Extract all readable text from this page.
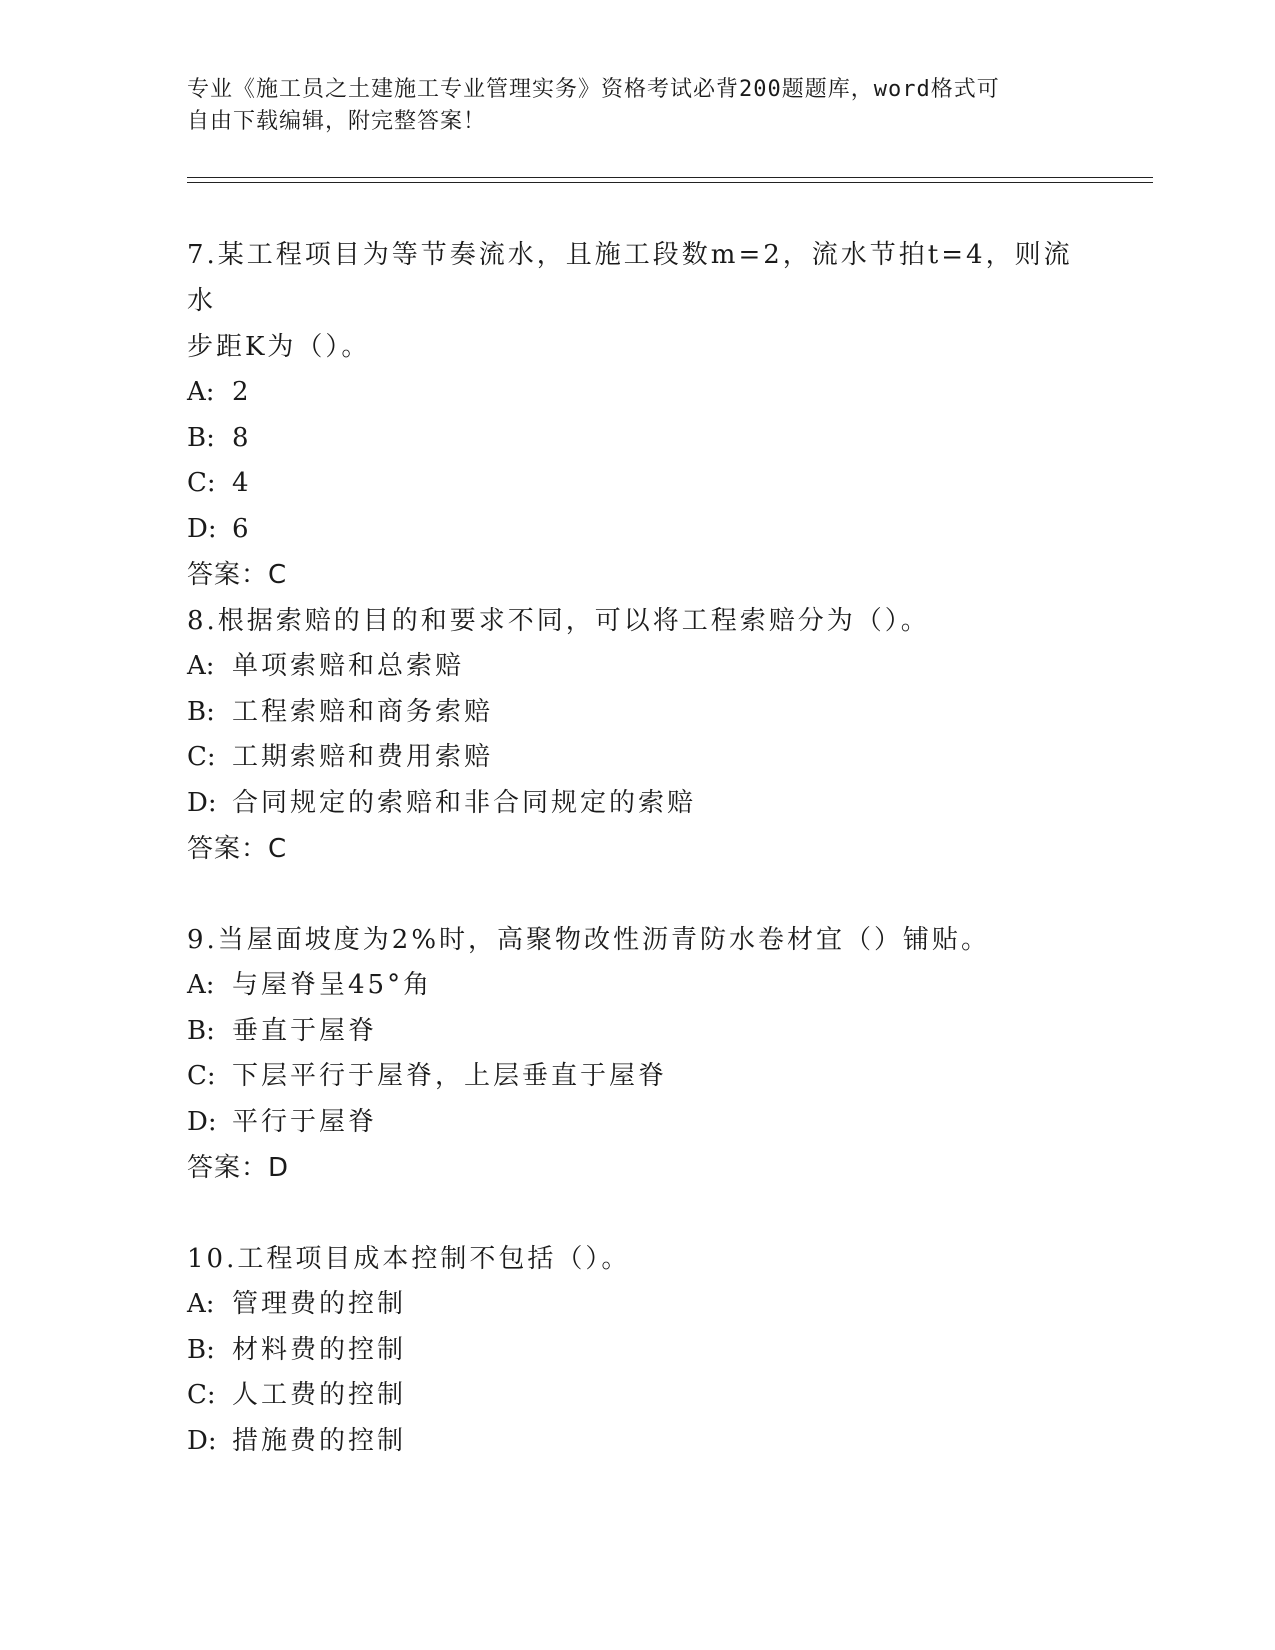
专业《施工员之土建施工专业管理实务》资格考试必背200题题库，word格式可
自由下载编辑，附完整答案！

7.某工程项目为等节奏流水，且施工段数m=2，流水节拍t=4，则流水
步距K为（）。

A: 2

B: 8

C: 4

D: 6

答案：C

8.根据索赔的目的和要求不同，可以将工程索赔分为（）。

A: 单项索赔和总索赔

B: 工程索赔和商务索赔

C: 工期索赔和费用索赔

D: 合同规定的索赔和非合同规定的索赔

答案：C

9.当屋面坡度为2%时，高聚物改性沥青防水卷材宜（）铺贴。

A: 与屋脊呈45°角

B: 垂直于屋脊

C: 下层平行于屋脊，上层垂直于屋脊

D: 平行于屋脊

答案：D

10.工程项目成本控制不包括（）。

A: 管理费的控制

B: 材料费的控制

C: 人工费的控制

D: 措施费的控制
